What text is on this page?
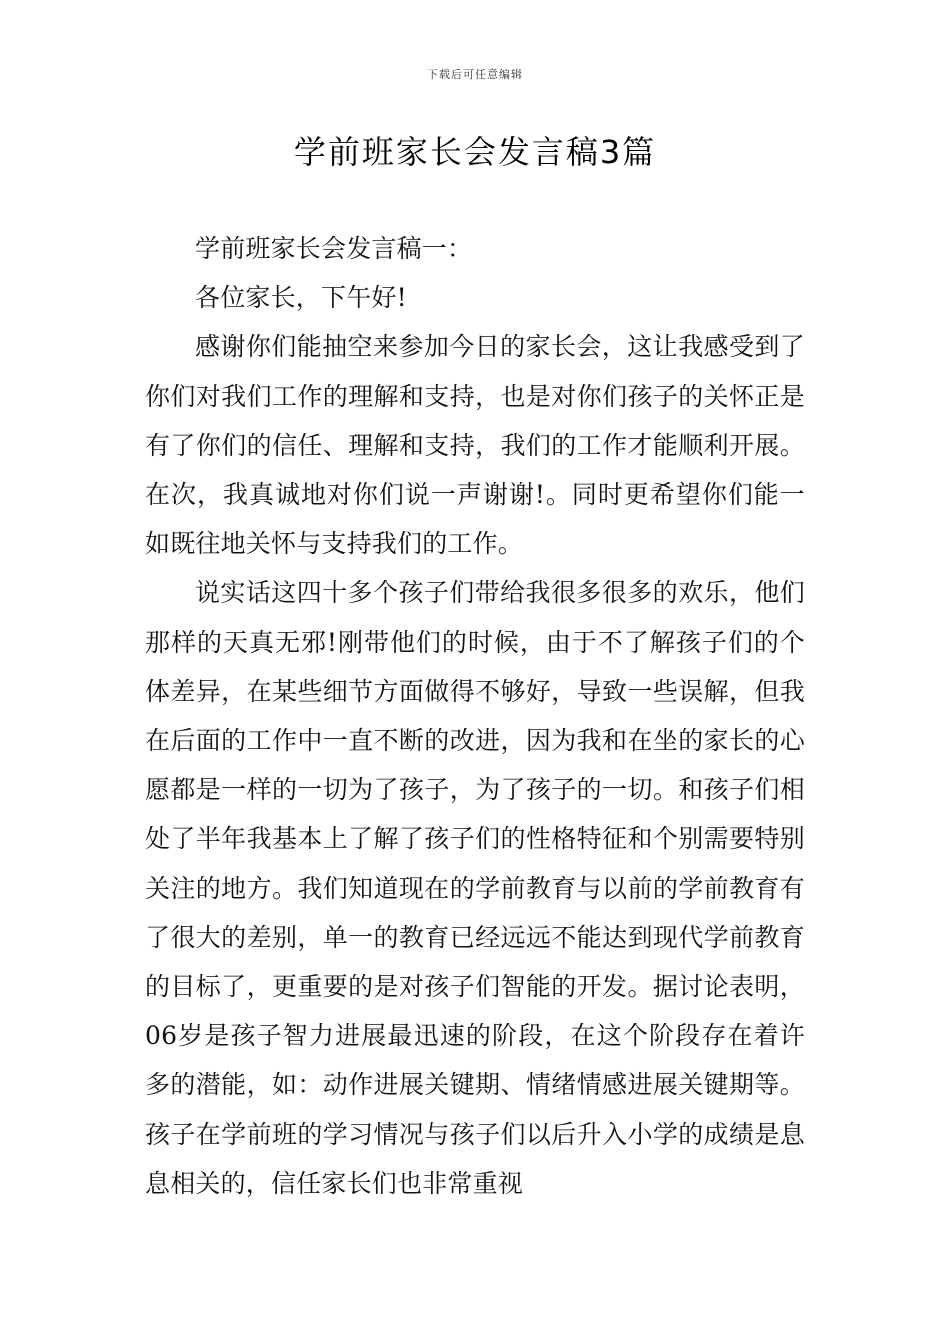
下载后可任意编辑
学前班家长会发言稿3篇

学前班家长会发言稿一：

各位家长，下午好!

感谢你们能抽空来参加今日的家长会，这让我感受到了你们对我们工作的理解和支持，也是对你们孩子的关怀正是有了你们的信任、理解和支持，我们的工作才能顺利开展。在次，我真诚地对你们说一声谢谢!。同时更希望你们能一如既往地关怀与支持我们的工作。

说实话这四十多个孩子们带给我很多很多的欢乐，他们那样的天真无邪!刚带他们的时候，由于不了解孩子们的个体差异，在某些细节方面做得不够好，导致一些误解，但我在后面的工作中一直不断的改进，因为我和在坐的家长的心愿都是一样的一切为了孩子，为了孩子的一切。和孩子们相处了半年我基本上了解了孩子们的性格特征和个别需要特别关注的地方。我们知道现在的学前教育与以前的学前教育有了很大的差别，单一的教育已经远远不能达到现代学前教育的目标了，更重要的是对孩子们智能的开发。据讨论表明，06岁是孩子智力进展最迅速的阶段，在这个阶段存在着许多的潜能，如：动作进展关键期、情绪情感进展关键期等。孩子在学前班的学习情况与孩子们以后升入小学的成绩是息息相关的，信任家长们也非常重视
